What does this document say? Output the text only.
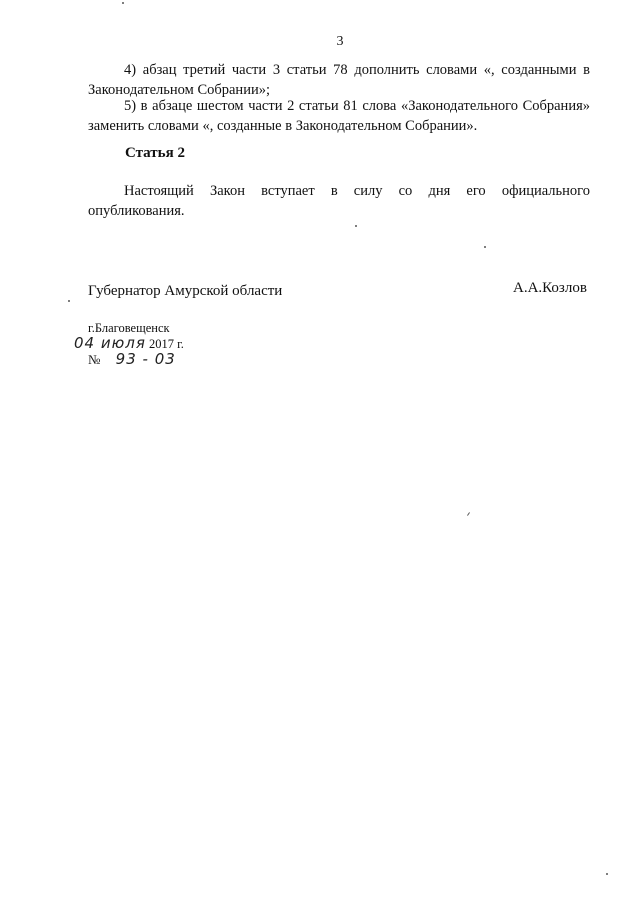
3

4) абзац третий части 3 статьи 78 дополнить словами «, созданными в Законодательном Собрании»;

5) в абзаце шестом части 2 статьи 81 слова «Законодательного Собрания» заменить словами «, созданные в Законодательном Собрании».

Статья 2

Настоящий Закон вступает в силу со дня его официального опубликования.

Губернатор Амурской области	А.А.Козлов
г.Благовещенск
04 июля 2017 г.
№ 93 - 03
